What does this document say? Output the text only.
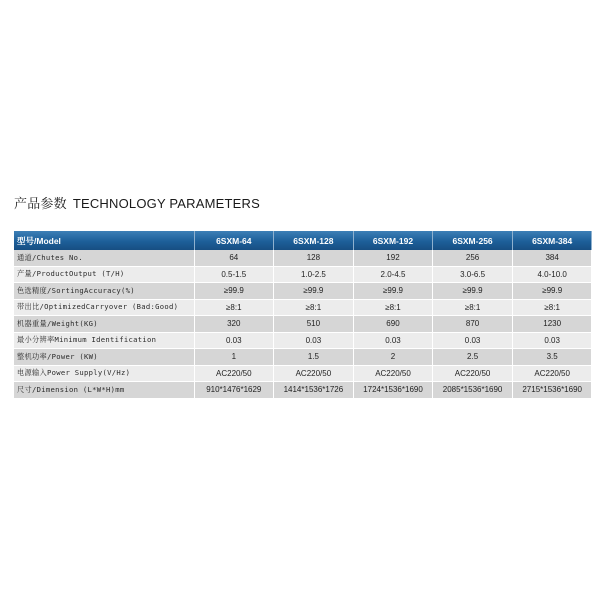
产品参数 TECHNOLOGY PARAMETERS
型号/Model	6SXM-64	6SXM-128	6SXM-192	6SXM-256	6SXM-384
通道/Chutes No.	64	128	192	256	384
产量/ProductOutput (T/H)	0.5-1.5	1.0-2.5	2.0-4.5	3.0-6.5	4.0-10.0
色选精度/SortingAccuracy(%)	≥99.9	≥99.9	≥99.9	≥99.9	≥99.9
带出比/OptimizedCarryover (Bad:Good)	≥8:1	≥8:1	≥8:1	≥8:1	≥8:1
机器重量/Weight(KG)	320	510	690	870	1230
最小分辨率Minimum Identification	0.03	0.03	0.03	0.03	0.03
整机功率/Power (KW)	1	1.5	2	2.5	3.5
电源输入Power Supply(V/Hz)	AC220/50	AC220/50	AC220/50	AC220/50	AC220/50
尺寸/Dimension (L*W*H)mm	910*1476*1629	1414*1536*1726	1724*1536*1690	2085*1536*1690	2715*1536*1690
